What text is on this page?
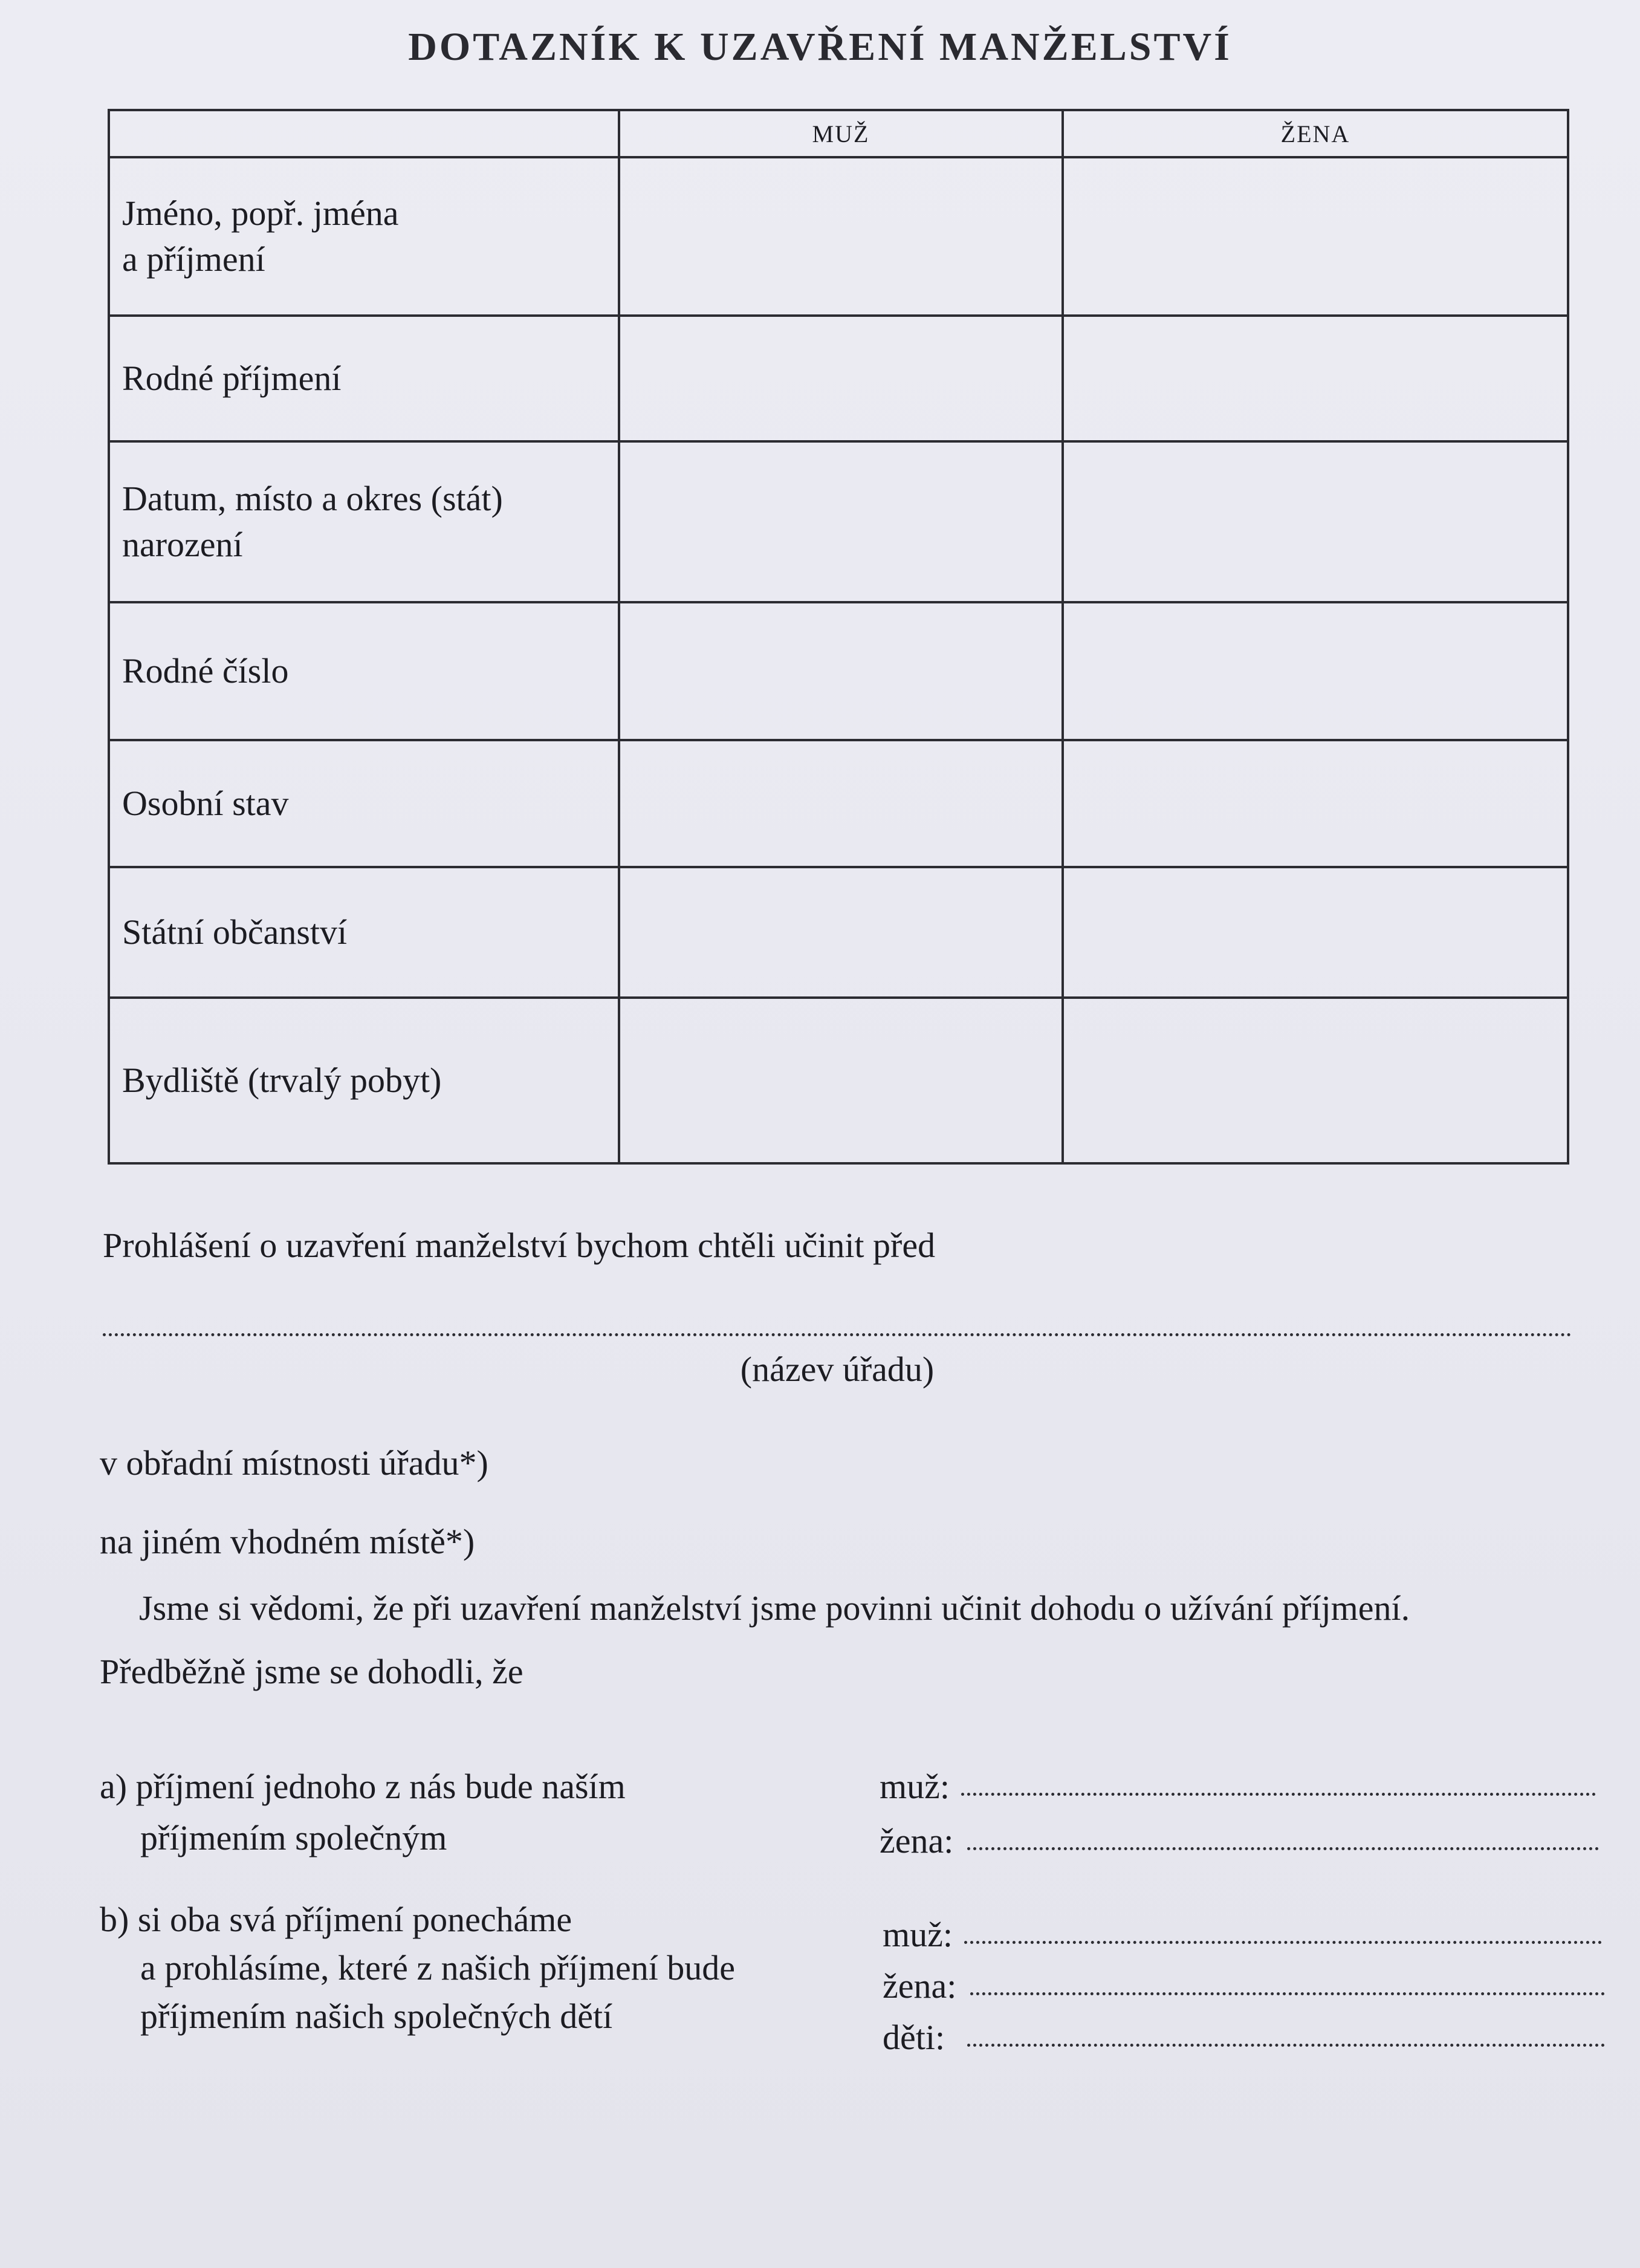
DOTAZNÍK K UZAVŘENÍ MANŽELSTVÍ
	MUŽ	ŽENA

Jméno, popř. jména
a příjmení		

Rodné příjmení		

Datum, místo a okres (stát)
narození		

Rodné číslo		

Osobní stav		

Státní občanství		

Bydliště (trvalý pobyt)		

Prohlášení o uzavření manželství bychom chtěli učinit před
(název úřadu)
v obřadní místnosti úřadu*)
na jiném vhodném místě*)
Jsme si vědomi, že při uzavření manželství jsme povinni učinit dohodu o užívání příjmení.
Předběžně jsme se dohodli, že
a) příjmení jednoho z nás bude naším
příjmením společným
muž:
žena:
b) si oba svá příjmení ponecháme
a prohlásíme, které z našich příjmení bude
příjmením našich společných dětí
muž:
žena:
děti:
